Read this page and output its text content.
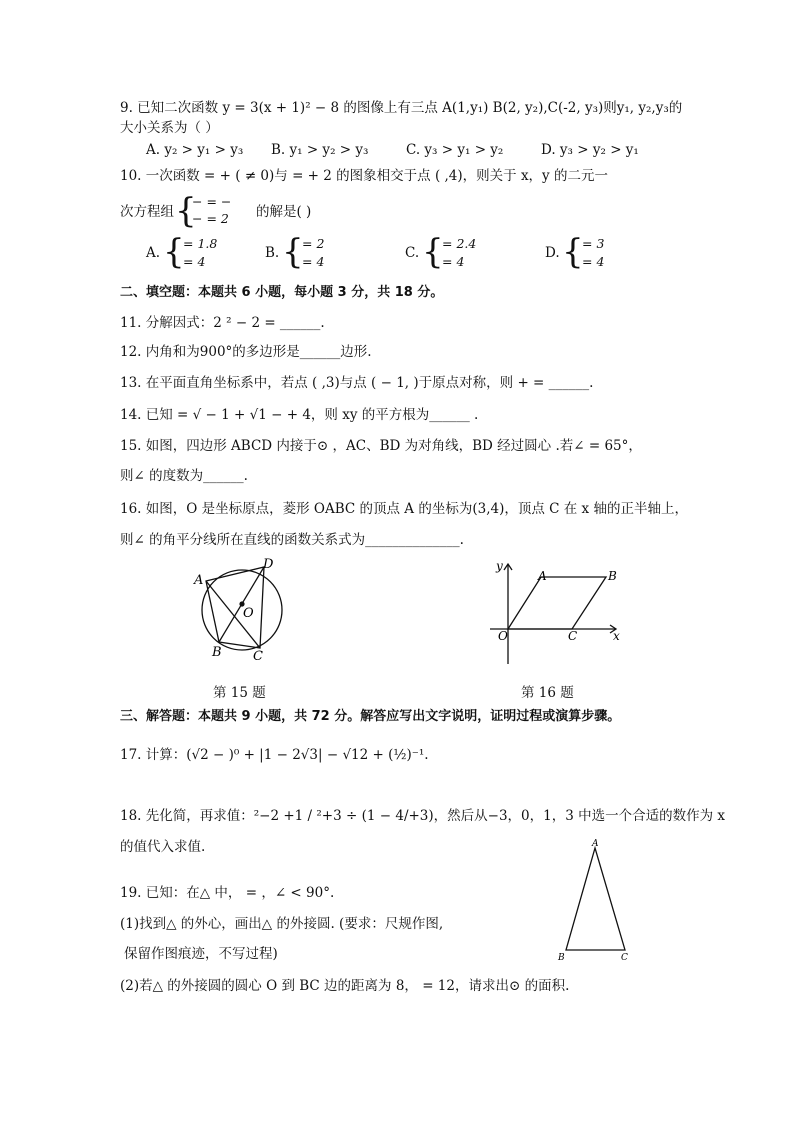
9. 已知二次函数 y = 3(x + 1)² − 8 的图像上有三点 A(1,y₁) B(2, y₂),C(-2, y₃)则y₁, y₂,y₃的
大小关系为（ ）
A. y₂ > y₁ > y₃ B. y₁ > y₂ > y₃	C. y₃ > y₁ > y₂	D. y₃ > y₂ > y₁
10. 一次函数 = + ( ≠ 0)与 = + 2 的图象相交于点 ( ,4)，则关于 x，y 的二元一
次方程组 {
− = −
− = 2 的解是( )
A. {
= 1.8
= 4
B. {
= 2
= 4
C. {
= 2.4
= 4
D. {
= 3
= 4
二、填空题：本题共 6 小题，每小题 3 分，共 18 分。
11. 分解因式：2 ² − 2 = ______.
12. 内角和为900°的多边形是______边形.
13. 在平面直角坐标系中，若点 ( ,3)与点 ( − 1, )于原点对称，则 + = ______.
14. 已知 = √ − 1 + √1 − + 4，则 xy 的平方根为______ .
15. 如图，四边形 ABCD 内接于⊙ ，AC、BD 为对角线，BD 经过圆心 .若∠ = 65°，
则∠ 的度数为______.
16. 如图，O 是坐标原点，菱形 OABC 的顶点 A 的坐标为(3,4)，顶点 C 在 x 轴的正半轴上，
则∠ 的角平分线所在直线的函数关系式为______________.
A
D
O
B C
第 15 题
y
x
A	B
O	C
第 16 题
三、解答题：本题共 9 小题，共 72 分。解答应写出文字说明，证明过程或演算步骤。
17. 计算：(√2 − )⁰ + |1 − 2√3| − √12 + (½)⁻¹.
18. 先化简，再求值：²−2 +1 / ²+3 ÷ (1 − 4/+3)，然后从−3，0，1，3 中选一个合适的数作为 x
的值代入求值.	A
B	C
19. 已知：在△ 中， = ，∠ < 90°.
(1)找到△ 的外心，画出△ 的外接圆. (要求：尺规作图,
保留作图痕迹，不写过程)
(2)若△ 的外接圆的圆心 O 到 BC 边的距离为 8， = 12，请求出⊙ 的面积.
